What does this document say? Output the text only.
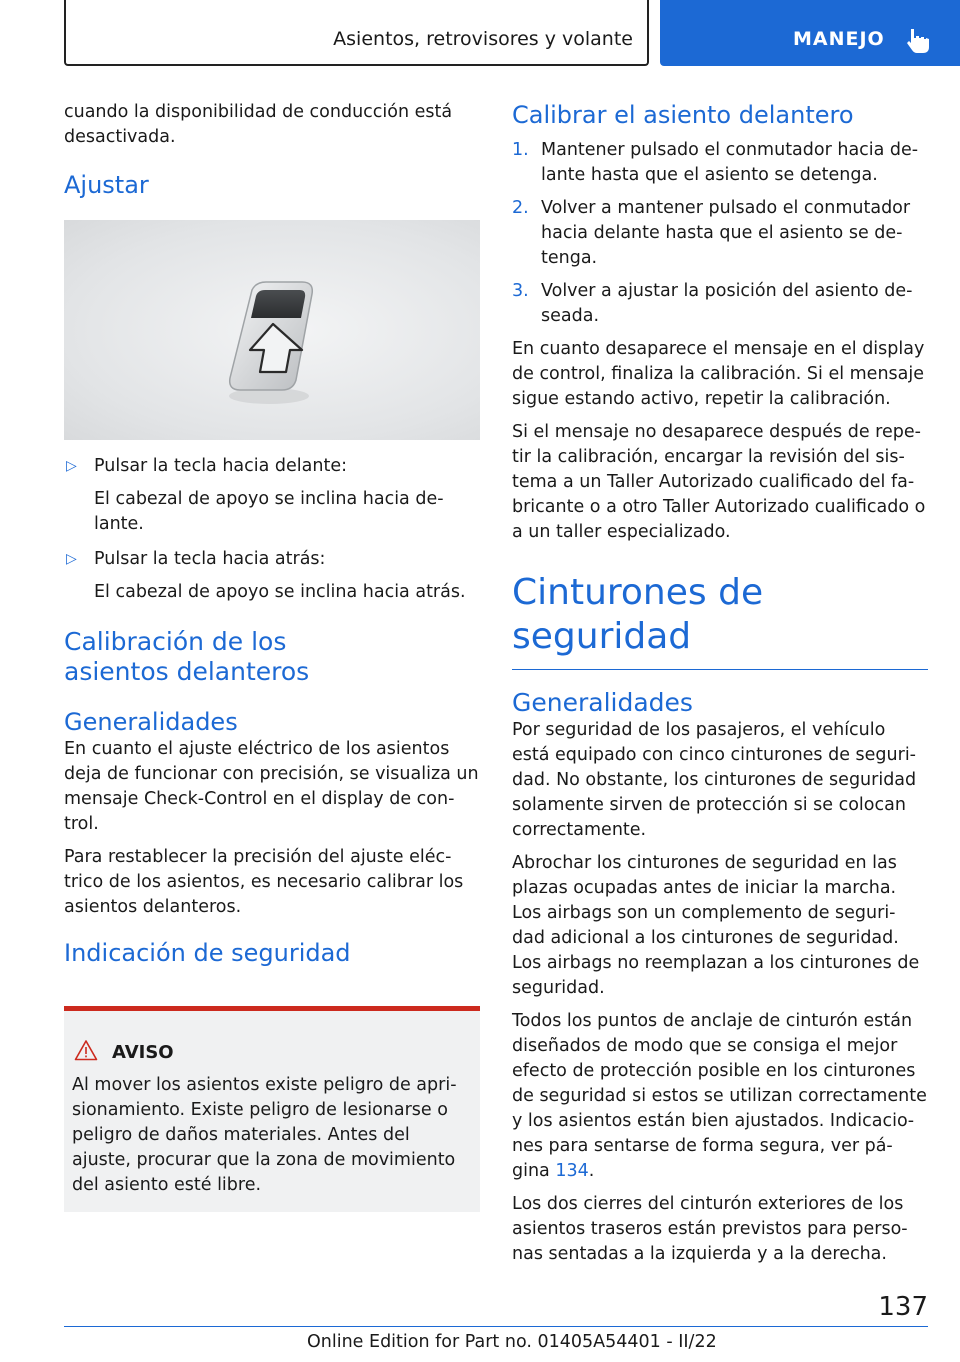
Asientos, retrovisores y volante	MANEJO

cuando la disponibilidad de conducción está desactivada.

Ajustar
▷ Pulsar la tecla hacia delante:
El cabezal de apoyo se inclina hacia de‐lante.
▷ Pulsar la tecla hacia atrás:
El cabezal de apoyo se inclina hacia atrás.
Calibración de los asientos delanteros
Generalidades

En cuanto el ajuste eléctrico de los asientos deja de funcionar con precisión, se visualiza un mensaje Check-Control en el display de con‐trol.

Para restablecer la precisión del ajuste eléc‐trico de los asientos, es necesario calibrar los asientos delanteros.

Indicación de seguridad
AVISO
Al mover los asientos existe peligro de apri‐sionamiento. Existe peligro de lesionarse o peligro de daños materiales. Antes del ajuste, procurar que la zona de movimiento del asiento esté libre.
Calibrar el asiento delantero
1. Mantener pulsado el conmutador hacia de‐lante hasta que el asiento se detenga.
2. Volver a mantener pulsado el conmutador hacia delante hasta que el asiento se de‐tenga.
3. Volver a ajustar la posición del asiento de‐seada.

En cuanto desaparece el mensaje en el display de control, finaliza la calibración. Si el mensaje sigue estando activo, repetir la calibración.

Si el mensaje no desaparece después de repe‐tir la calibración, encargar la revisión del sis‐tema a un Taller Autorizado cualificado del fa‐bricante o a otro Taller Autorizado cualificado o a un taller especializado.

Cinturones de seguridad
Generalidades

Por seguridad de los pasajeros, el vehículo está equipado con cinco cinturones de seguri‐dad. No obstante, los cinturones de seguridad solamente sirven de protección si se colocan correctamente.

Abrochar los cinturones de seguridad en las plazas ocupadas antes de iniciar la marcha. Los airbags son un complemento de seguri‐dad adicional a los cinturones de seguridad. Los airbags no reemplazan a los cinturones de seguridad.

Todos los puntos de anclaje de cinturón están diseñados de modo que se consiga el mejor efecto de protección posible en los cinturones de seguridad si estos se utilizan correctamente y los asientos están bien ajustados. Indicacio‐nes para sentarse de forma segura, ver pá‐gina 134.

Los dos cierres del cinturón exteriores de los asientos traseros están previstos para perso‐nas sentadas a la izquierda y a la derecha.

137
Online Edition for Part no. 01405A54401 - II/22
